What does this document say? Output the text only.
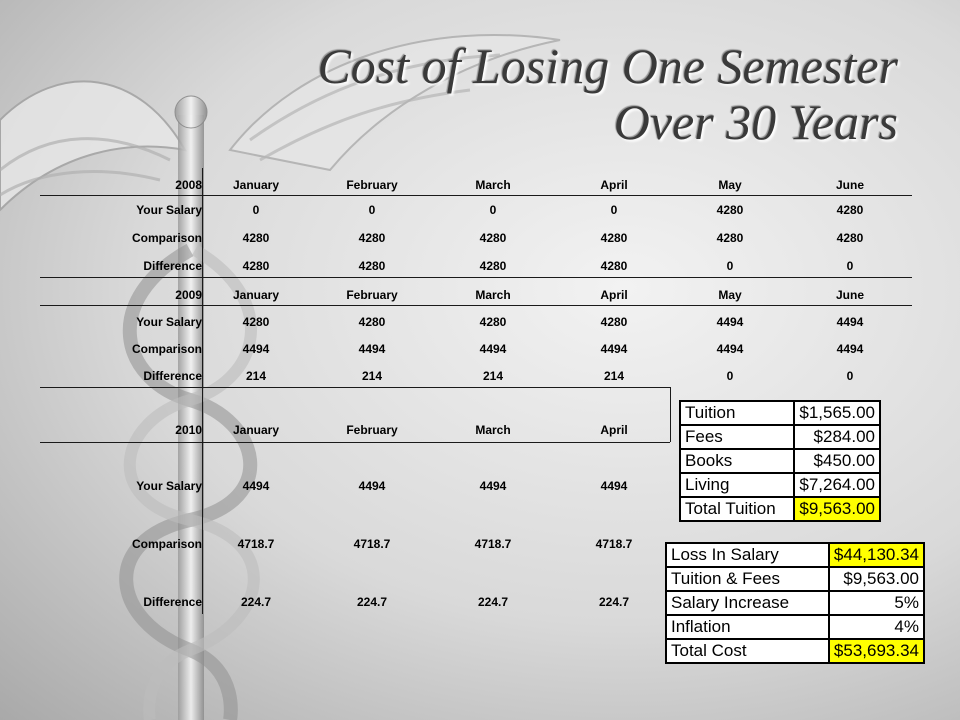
Cost of Losing One Semester
Over 30 Years
2008	January	February	March	April	May	June
Your Salary	0	0	0	0	4280	4280
Comparison	4280	4280	4280	4280	4280	4280
Difference	4280	4280	4280	4280	0	0
2009	January	February	March	April	May	June
Your Salary	4280	4280	4280	4280	4494	4494
Comparison	4494	4494	4494	4494	4494	4494
Difference	214	214	214	214	0	0
2010	January	February	March	April
Your Salary	4494	4494	4494	4494
Comparison	4718.7	4718.7	4718.7	4718.7
Difference	224.7	224.7	224.7	224.7
Tuition	$1,565.00
Fees	$284.00
Books	$450.00
Living	$7,264.00
Total Tuition	$9,563.00
Loss In Salary	$44,130.34
Tuition & Fees	$9,563.00
Salary Increase	5%
Inflation	4%
Total Cost	$53,693.34
